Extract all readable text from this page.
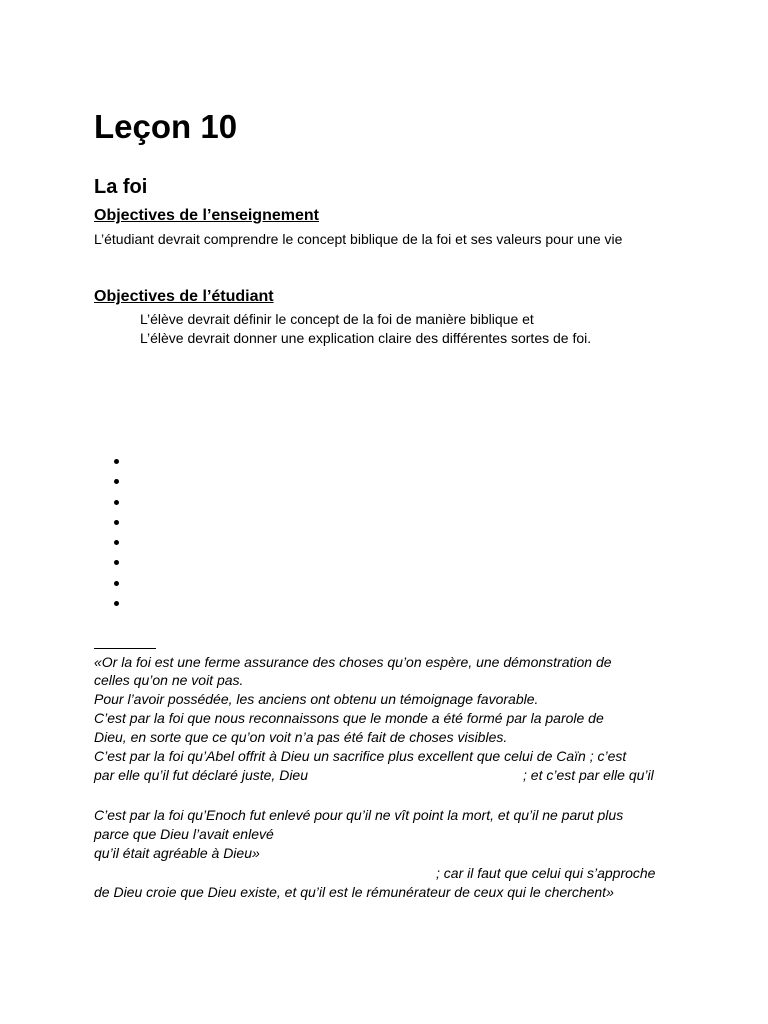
Leçon 10
La foi
Objectives de l’enseignement
L’étudiant devrait comprendre le concept biblique de la foi et ses valeurs pour une vie
Objectives de l’étudiant
L’élève devrait définir le concept de la foi de manière biblique et
L’élève devrait donner une explication claire des différentes sortes de foi.
«Or la foi est une ferme assurance des choses qu’on espère, une démonstration de
celles qu’on ne voit pas.
Pour l’avoir possédée, les anciens ont obtenu un témoignage favorable.
C’est par la foi que nous reconnaissons que le monde a été formé par la parole de
Dieu, en sorte que ce qu’on voit n’a pas été fait de choses visibles.
C’est par la foi qu’Abel offrit à Dieu un sacrifice plus excellent que celui de Caïn ; c’est
par elle qu’il fut déclaré juste, Dieu	; et c’est par elle qu’il
C’est par la foi qu’Enoch fut enlevé pour qu’il ne vît point la mort, et qu’il ne parut plus
parce que Dieu l’avait enlevé
qu’il était agréable à Dieu»
; car il faut que celui qui s’approche
de Dieu croie que Dieu existe, et qu’il est le rémunérateur de ceux qui le cherchent»
